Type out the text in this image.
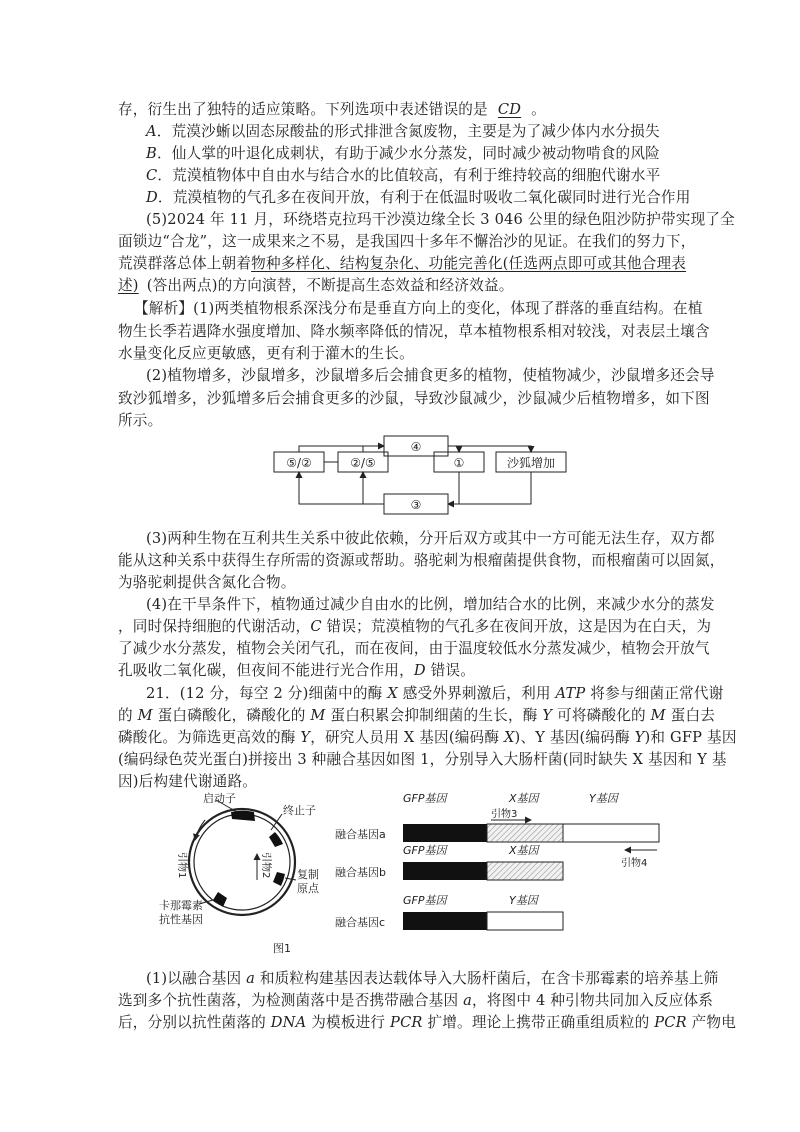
存，衍生出了独特的适应策略。下列选项中表述错误的是 CD 。
A．荒漠沙蜥以固态尿酸盐的形式排泄含氮废物，主要是为了减少体内水分损失
B．仙人掌的叶退化成刺状，有助于减少水分蒸发，同时减少被动物啃食的风险
C．荒漠植物体中自由水与结合水的比值较高，有利于维持较高的细胞代谢水平
D．荒漠植物的气孔多在夜间开放，有利于在低温时吸收二氧化碳同时进行光合作用
(5)2024 年 11 月，环绕塔克拉玛干沙漠边缘全长 3 046 公里的绿色阻沙防护带实现了全
面锁边“合龙”，这一成果来之不易，是我国四十多年不懈治沙的见证。在我们的努力下，
荒漠群落总体上朝着物种多样化、结构复杂化、功能完善化(任选两点即可或其他合理表
述) (答出两点)的方向演替，不断提高生态效益和经济效益。
【解析】(1)两类植物根系深浅分布是垂直方向上的变化，体现了群落的垂直结构。在植
物生长季若遇降水强度增加、降水频率降低的情况，草本植物根系相对较浅，对表层土壤含
水量变化反应更敏感，更有利于灌木的生长。
(2)植物增多，沙鼠增多，沙鼠增多后会捕食更多的植物，使植物减少，沙鼠增多还会导
致沙狐增多，沙狐增多后会捕食更多的沙鼠，导致沙鼠减少，沙鼠减少后植物增多，如下图
所示。
④
⑤/②	②/⑤	①	沙狐增加
③
(3)两种生物在互利共生关系中彼此依赖，分开后双方或其中一方可能无法生存，双方都
能从这种关系中获得生存所需的资源或帮助。骆驼刺为根瘤菌提供食物，而根瘤菌可以固氮，
为骆驼刺提供含氮化合物。
(4)在干旱条件下，植物通过减少自由水的比例，增加结合水的比例，来减少水分的蒸发
，同时保持细胞的代谢活动，C 错误；荒漠植物的气孔多在夜间开放，这是因为在白天，为
了减少水分蒸发，植物会关闭气孔，而在夜间，由于温度较低水分蒸发减少，植物会开放气
孔吸收二氧化碳，但夜间不能进行光合作用，D 错误。
21．(12 分，每空 2 分)细菌中的酶 X 感受外界刺激后，利用 ATP 将参与细菌正常代谢
的 M 蛋白磷酸化，磷酸化的 M 蛋白积累会抑制细菌的生长，酶 Y 可将磷酸化的 M 蛋白去
磷酸化。为筛选更高效的酶 Y，研究人员用 X 基因(编码酶 X)、Y 基因(编码酶 Y)和 GFP 基因
(编码绿色荧光蛋白)拼接出 3 种融合基因如图 1，分别导入大肠杆菌(同时缺失 X 基因和 Y 基
因)后构建代谢通路。
启动子
终止子
引物1	引物2 复制
原点
卡那霉素
抗性基因
GFP基因	X基因	Y基因
引物3
融合基因a
引物4
GFP基因	X基因
融合基因b
GFP基因	Y基因
融合基因c
图1
(1)以融合基因 a 和质粒构建基因表达载体导入大肠杆菌后，在含卡那霉素的培养基上筛
选到多个抗性菌落，为检测菌落中是否携带融合基因 a，将图中 4 种引物共同加入反应体系
后，分别以抗性菌落的 DNA 为模板进行 PCR 扩增。理论上携带正确重组质粒的 PCR 产物电
